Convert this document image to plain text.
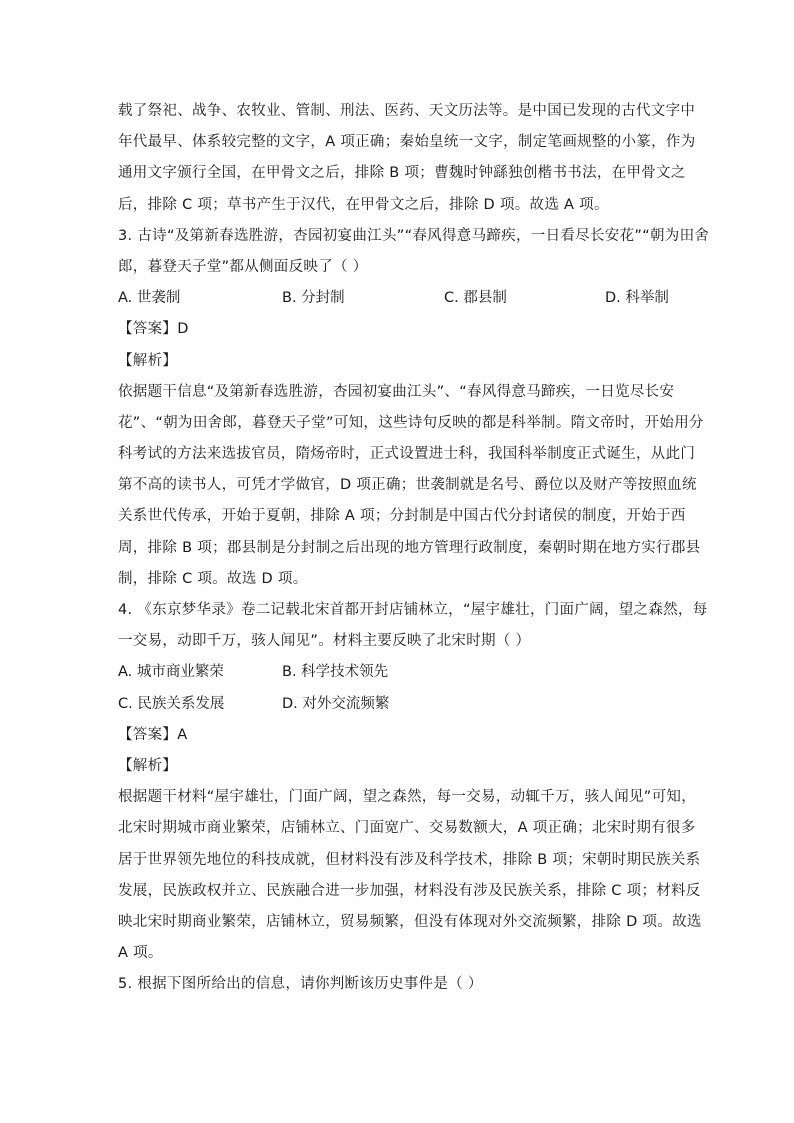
载了祭祀、战争、农牧业、管制、刑法、医药、天文历法等。是中国已发现的古代文字中
年代最早、体系较完整的文字，A 项正确；秦始皇统一文字，制定笔画规整的小篆，作为
通用文字颁行全国，在甲骨文之后，排除 B 项；曹魏时钟繇独创楷书书法，在甲骨文之
后，排除 C 项；草书产生于汉代，在甲骨文之后，排除 D 项。故选 A 项。
3. 古诗“及第新春选胜游，杏园初宴曲江头”“春风得意马蹄疾，一日看尽长安花”“朝为田舍
郎，暮登天子堂”都从侧面反映了（ ）
A. 世袭制	B. 分封制	C. 郡县制	D. 科举制
【答案】D
【解析】
依据题干信息“及第新春选胜游，杏园初宴曲江头”、“春风得意马蹄疾，一日览尽长安
花”、“朝为田舍郎，暮登天子堂”可知，这些诗句反映的都是科举制。隋文帝时，开始用分
科考试的方法来选拔官员，隋炀帝时，正式设置进士科，我国科举制度正式诞生，从此门
第不高的读书人，可凭才学做官，D 项正确；世袭制就是名号、爵位以及财产等按照血统
关系世代传承，开始于夏朝，排除 A 项；分封制是中国古代分封诸侯的制度，开始于西
周，排除 B 项；郡县制是分封制之后出现的地方管理行政制度，秦朝时期在地方实行郡县
制，排除 C 项。故选 D 项。
4. 《东京梦华录》卷二记载北宋首都开封店铺林立，“屋宇雄壮，门面广阔，望之森然，每
一交易，动即千万，骇人闻见”。材料主要反映了北宋时期（ ）
A. 城市商业繁荣	B. 科学技术领先
C. 民族关系发展	D. 对外交流频繁
【答案】A
【解析】
根据题干材料“屋宇雄壮，门面广阔，望之森然，每一交易，动辄千万，骇人闻见”可知，
北宋时期城市商业繁荣，店铺林立、门面宽广、交易数额大，A 项正确；北宋时期有很多
居于世界领先地位的科技成就，但材料没有涉及科学技术，排除 B 项；宋朝时期民族关系
发展，民族政权并立、民族融合进一步加强，材料没有涉及民族关系，排除 C 项；材料反
映北宋时期商业繁荣，店铺林立，贸易频繁，但没有体现对外交流频繁，排除 D 项。故选
A 项。
5. 根据下图所给出的信息，请你判断该历史事件是（ ）
